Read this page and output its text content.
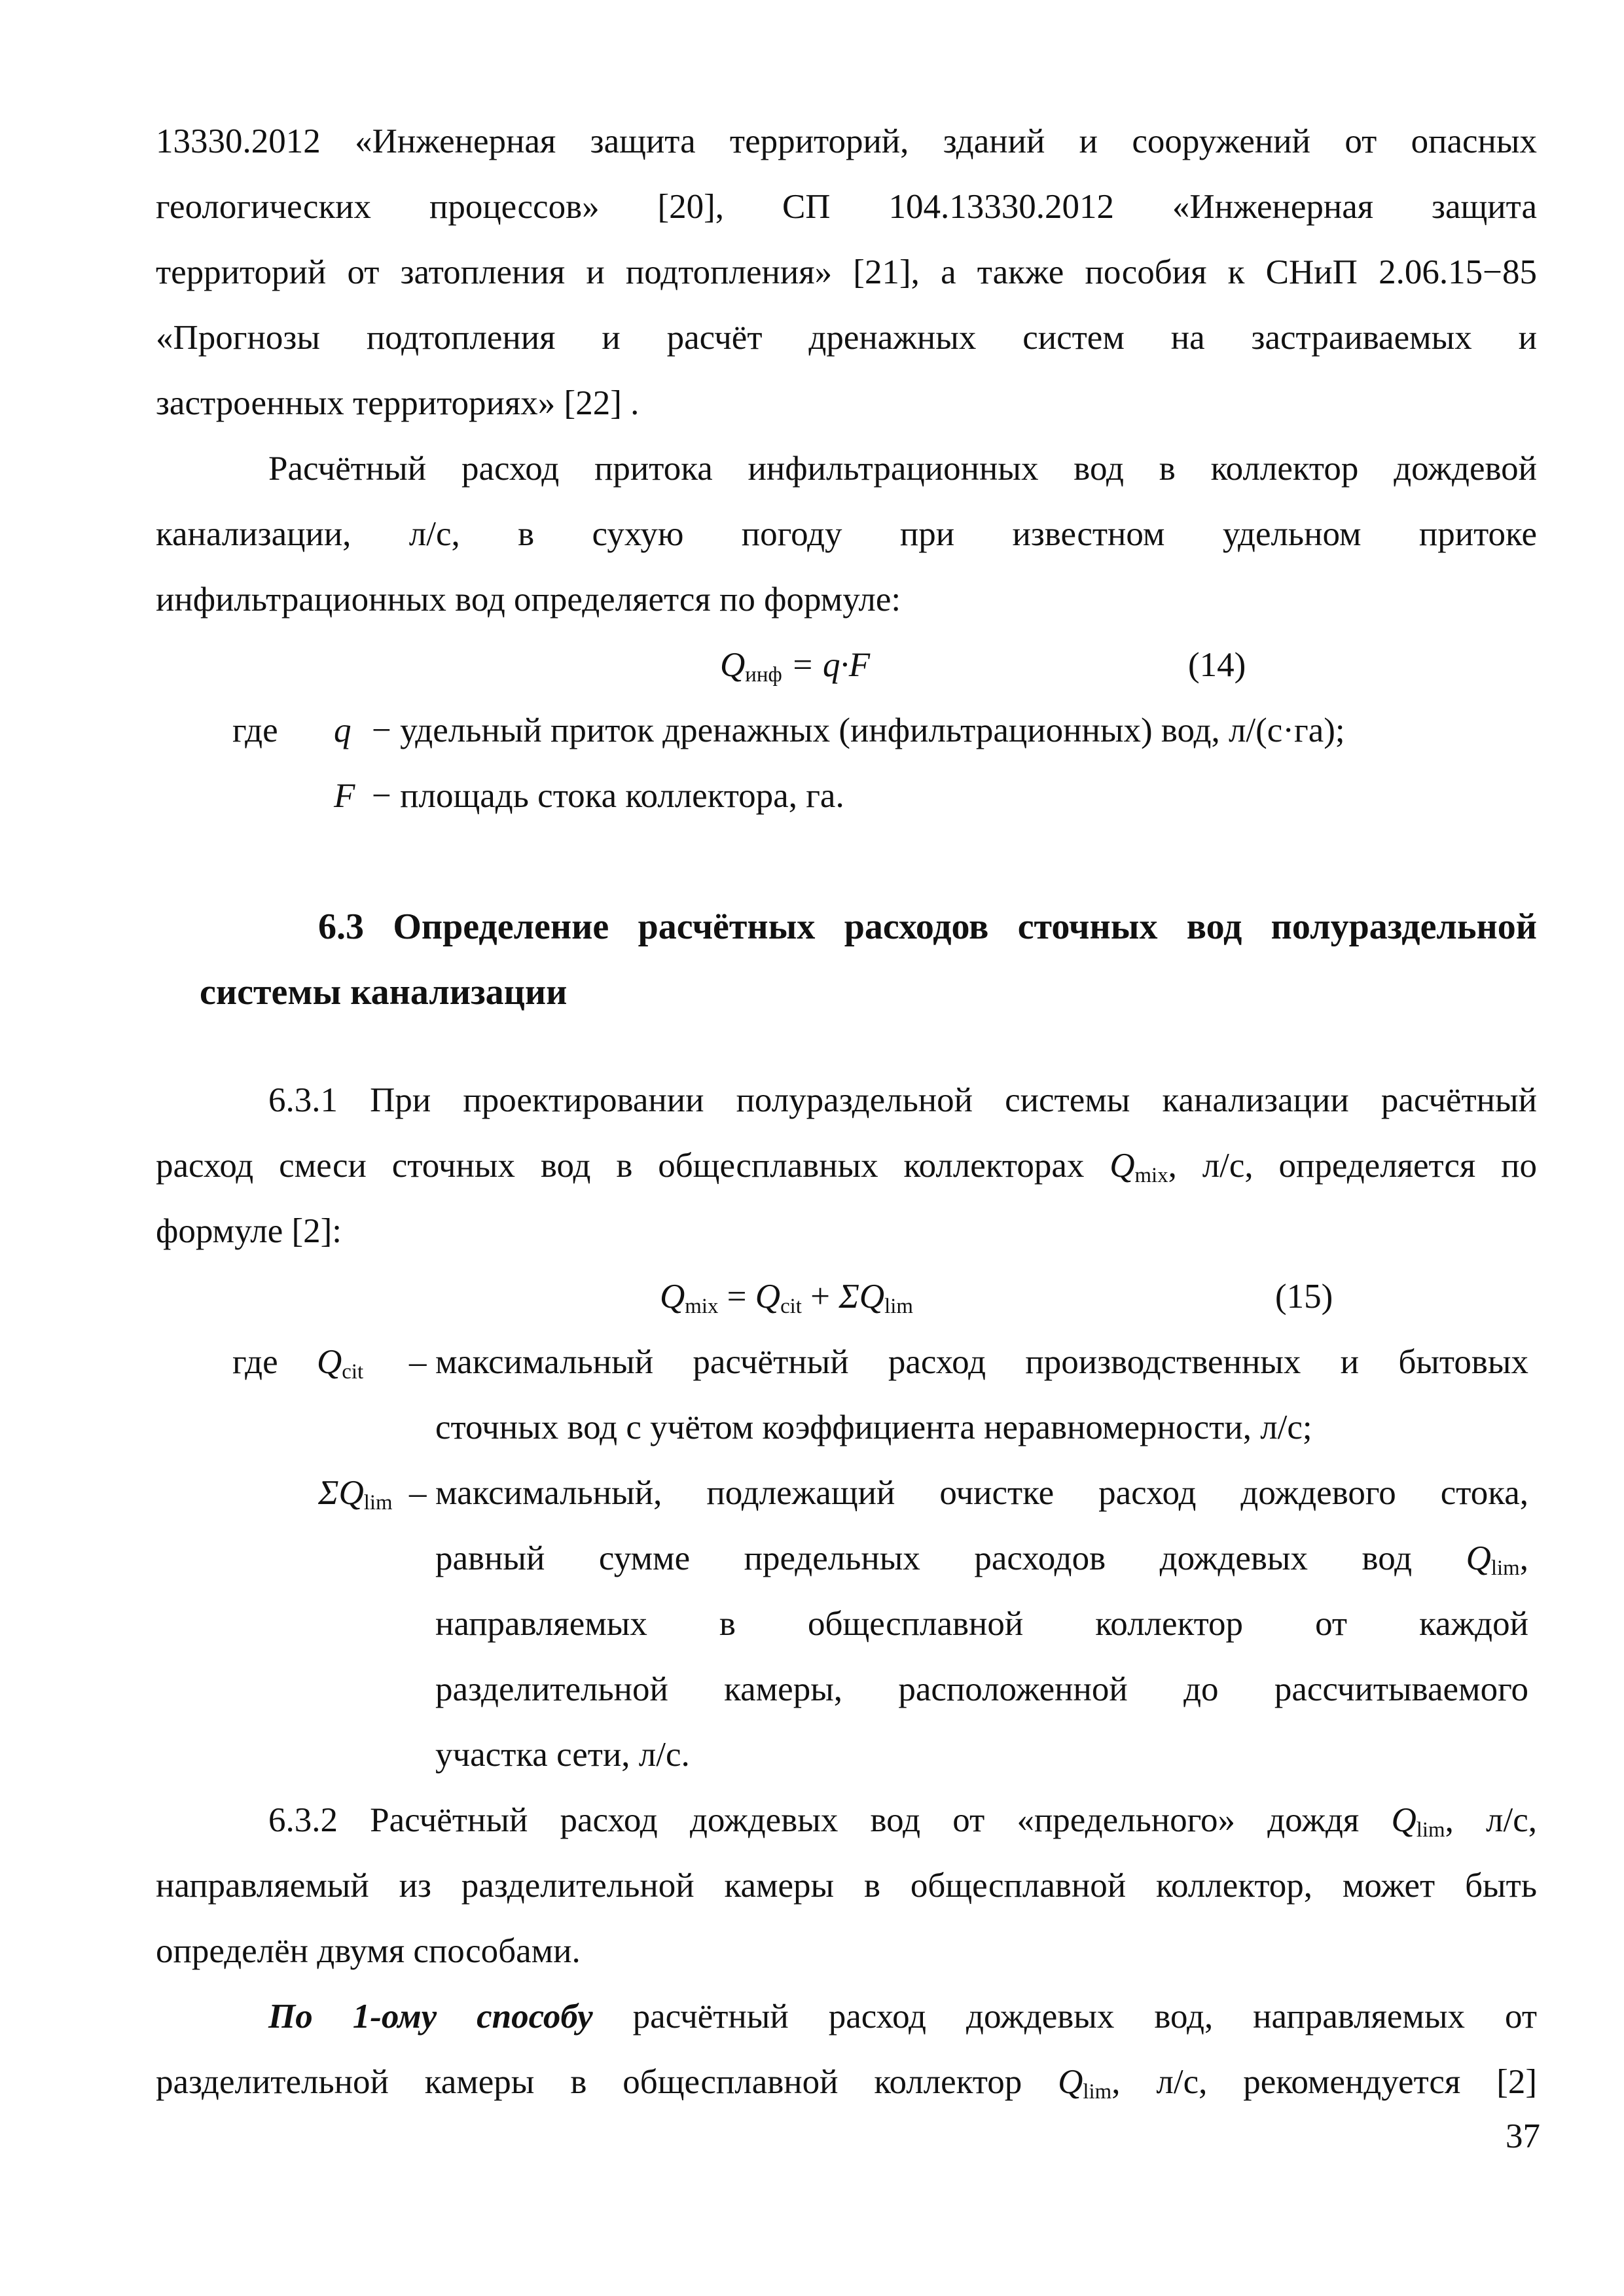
13330.2012 «Инженерная защита территорий, зданий и сооружений от опасных
геологических процессов» [20], СП 104.13330.2012 «Инженерная защита
территорий от затопления и подтопления» [21], а также пособия к СНиП 2.06.15−85
«Прогнозы подтопления и расчёт дренажных систем на застраиваемых и
застроенных территориях» [22] .
Расчётный расход притока инфильтрационных вод в коллектор дождевой
канализации, л/с, в сухую погоду при известном удельном притоке
инфильтрационных вод определяется по формуле:
$Q_{инф} = q\cdot F$	(14)
где q − удельный приток дренажных (инфильтрационных) вод, л/(с·га);
F − площадь стока коллектора, га.
6.3 Определение расчётных расходов сточных вод полураздельной
системы канализации
6.3.1 При проектировании полураздельной системы канализации расчётный
расход смеси сточных вод в общесплавных коллекторах $Q_{mix}$, л/с, определяется по
формуле [2]:
$Q_{mix} = Q_{cit} + \Sigma Q_{lim}$	(15)
где $Q_{cit}$ – максимальный расчётный расход производственных и бытовых
сточных вод с учётом коэффициента неравномерности, л/с;
$\Sigma Q_{lim}$ – максимальный, подлежащий очистке расход дождевого стока,
равный сумме предельных расходов дождевых вод $Q_{lim}$,
направляемых в общесплавной коллектор от каждой
разделительной камеры, расположенной до рассчитываемого
участка сети, л/с.
6.3.2 Расчётный расход дождевых вод от «предельного» дождя $Q_{lim}$, л/с,
направляемый из разделительной камеры в общесплавной коллектор, может быть
определён двумя способами.
По 1-ому способу расчётный расход дождевых вод, направляемых от
разделительной камеры в общесплавной коллектор $Q_{lim}$, л/с, рекомендуется [2]
37
